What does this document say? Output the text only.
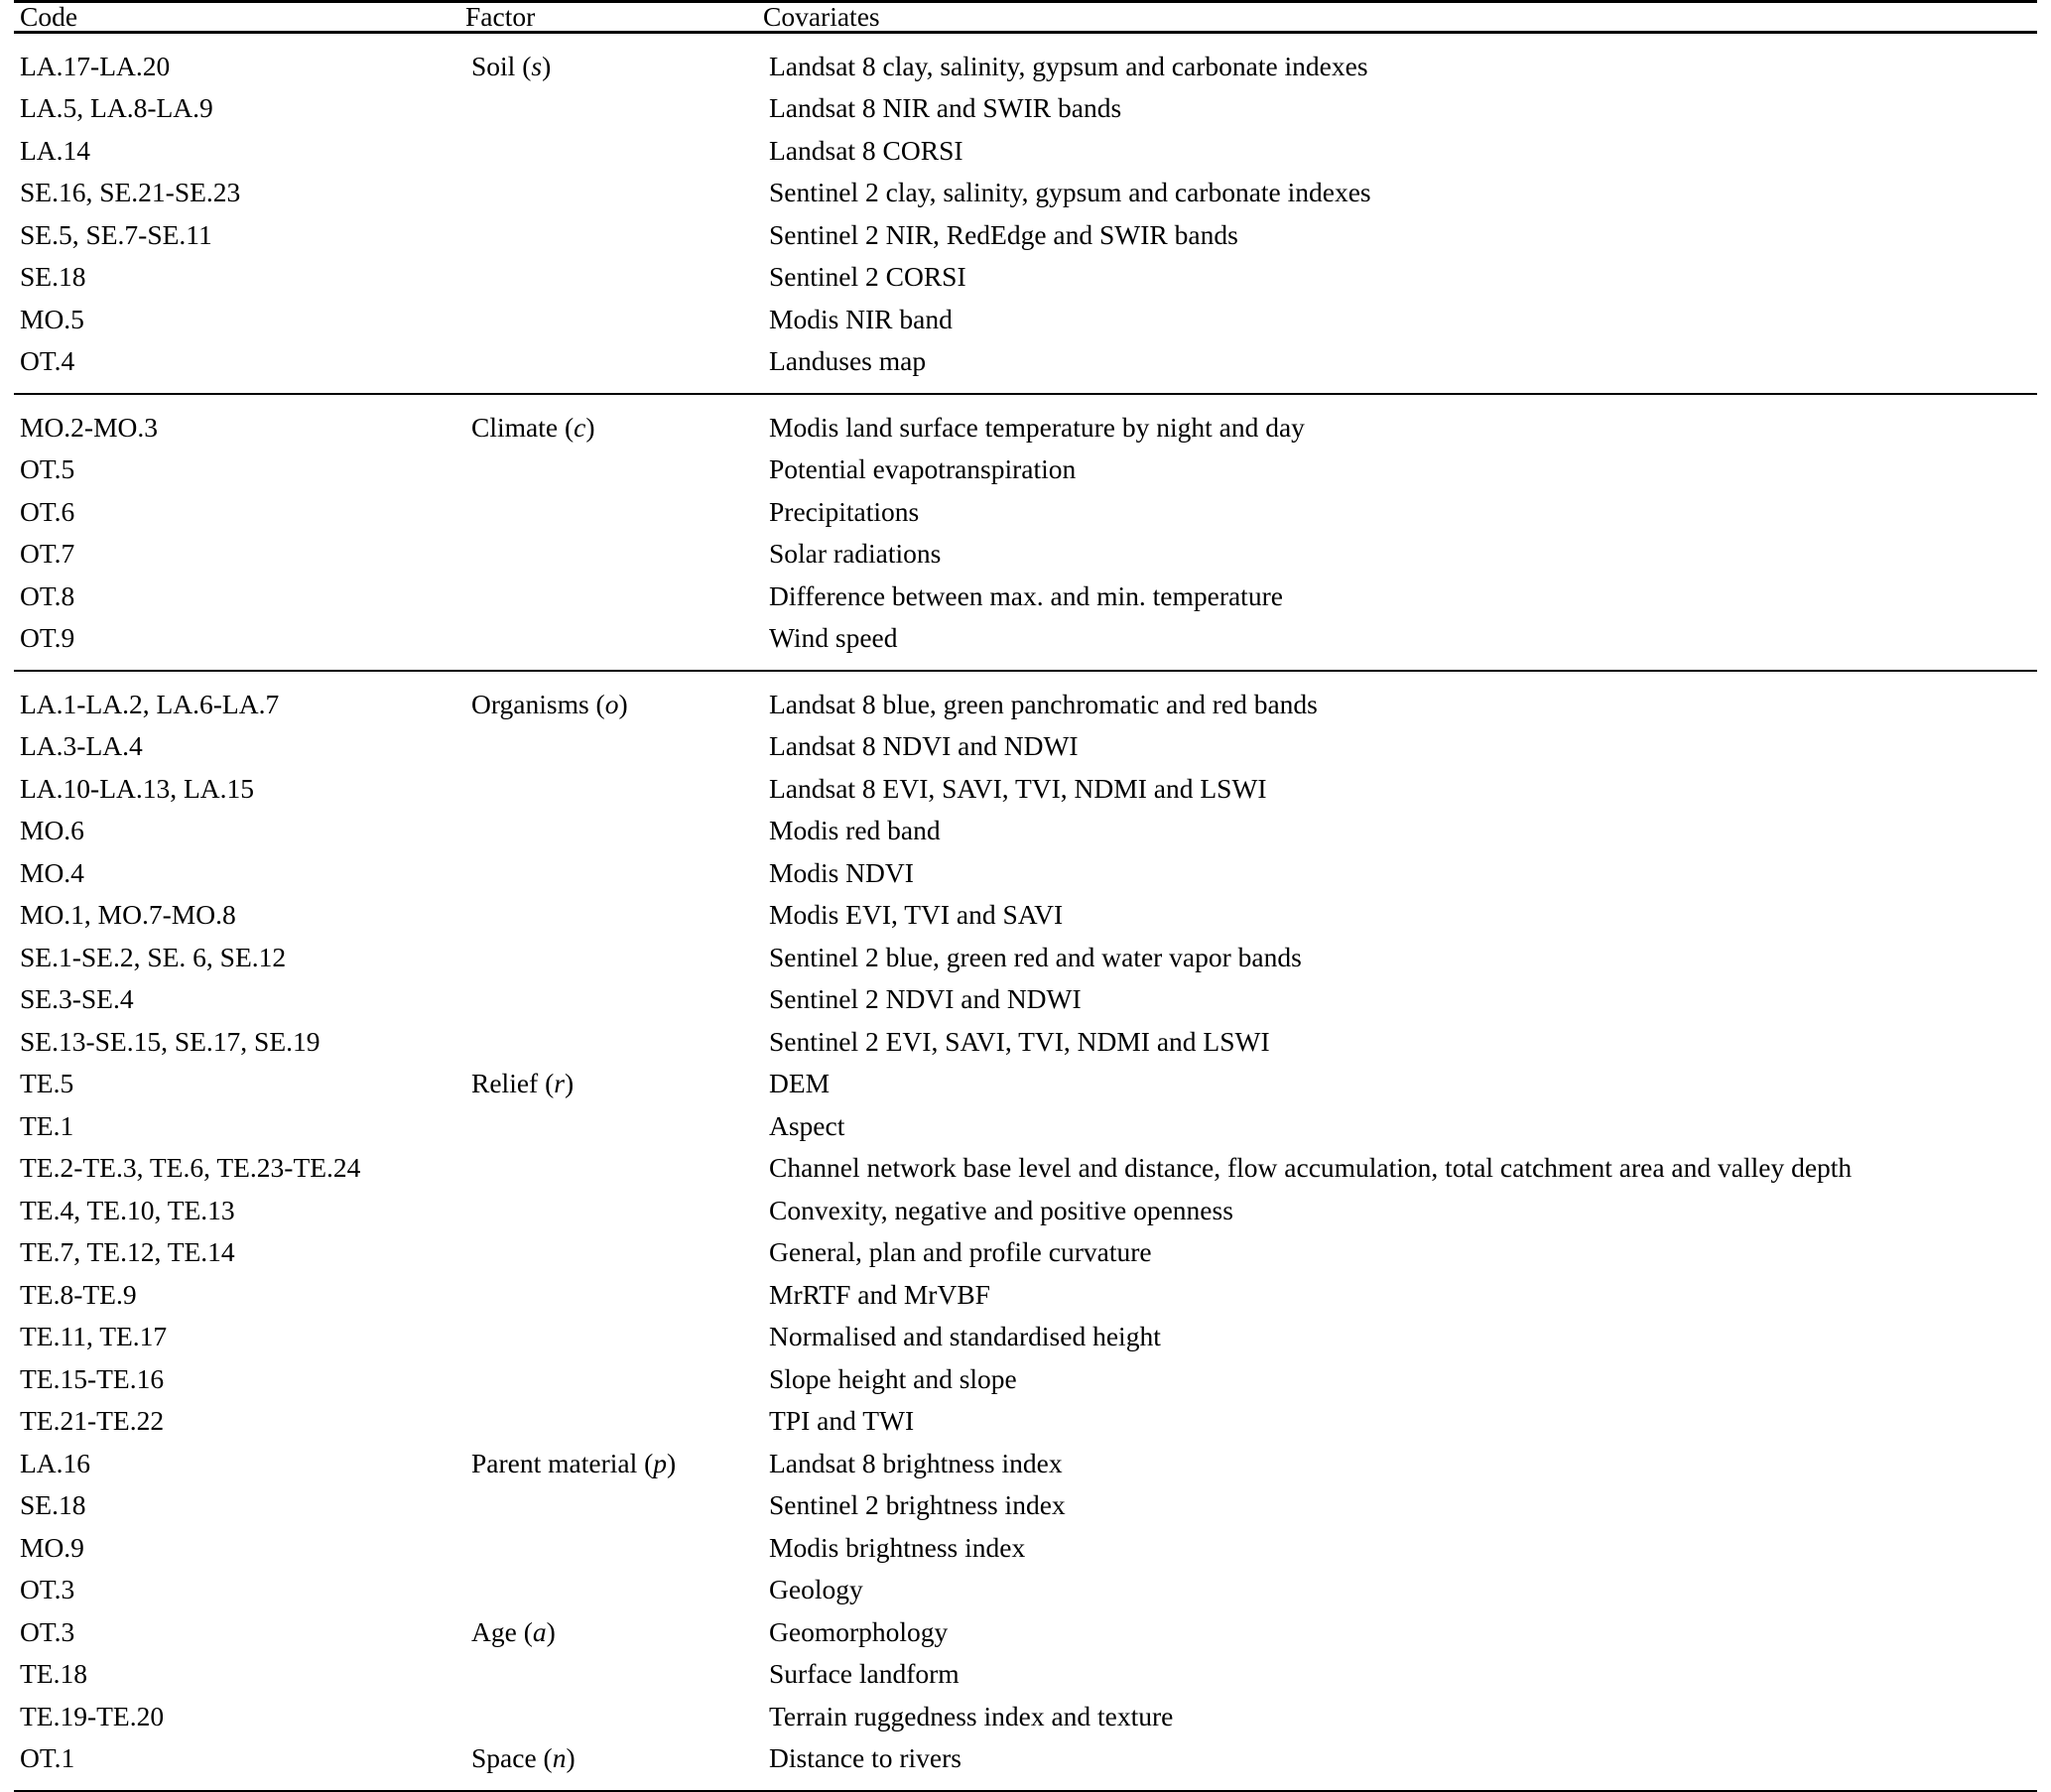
Code	Factor	Covariates

LA.17-LA.20	Soil (s)	Landsat 8 clay, salinity, gypsum and carbonate indexes

LA.5, LA.8-LA.9		Landsat 8 NIR and SWIR bands

LA.14		Landsat 8 CORSI

SE.16, SE.21-SE.23		Sentinel 2 clay, salinity, gypsum and carbonate indexes

SE.5, SE.7-SE.11		Sentinel 2 NIR, RedEdge and SWIR bands

SE.18		Sentinel 2 CORSI

MO.5		Modis NIR band

OT.4		Landuses map

MO.2-MO.3	Climate (c)	Modis land surface temperature by night and day

OT.5		Potential evapotranspiration

OT.6		Precipitations

OT.7		Solar radiations

OT.8		Difference between max. and min. temperature

OT.9		Wind speed

LA.1-LA.2, LA.6-LA.7	Organisms (o)	Landsat 8 blue, green panchromatic and red bands

LA.3-LA.4		Landsat 8 NDVI and NDWI

LA.10-LA.13, LA.15		Landsat 8 EVI, SAVI, TVI, NDMI and LSWI

MO.6		Modis red band

MO.4		Modis NDVI

MO.1, MO.7-MO.8		Modis EVI, TVI and SAVI

SE.1-SE.2, SE. 6, SE.12		Sentinel 2 blue, green red and water vapor bands

SE.3-SE.4		Sentinel 2 NDVI and NDWI

SE.13-SE.15, SE.17, SE.19		Sentinel 2 EVI, SAVI, TVI, NDMI and LSWI

TE.5	Relief (r)	DEM

TE.1		Aspect

TE.2-TE.3, TE.6, TE.23-TE.24		Channel network base level and distance, flow accumulation, total catchment area and valley depth

TE.4, TE.10, TE.13		Convexity, negative and positive openness

TE.7, TE.12, TE.14		General, plan and profile curvature

TE.8-TE.9		MrRTF and MrVBF

TE.11, TE.17		Normalised and standardised height

TE.15-TE.16		Slope height and slope

TE.21-TE.22		TPI and TWI

LA.16	Parent material (p)	Landsat 8 brightness index

SE.18		Sentinel 2 brightness index

MO.9		Modis brightness index

OT.3		Geology

OT.3	Age (a)	Geomorphology

TE.18		Surface landform

TE.19-TE.20		Terrain ruggedness index and texture

OT.1	Space (n)	Distance to rivers
